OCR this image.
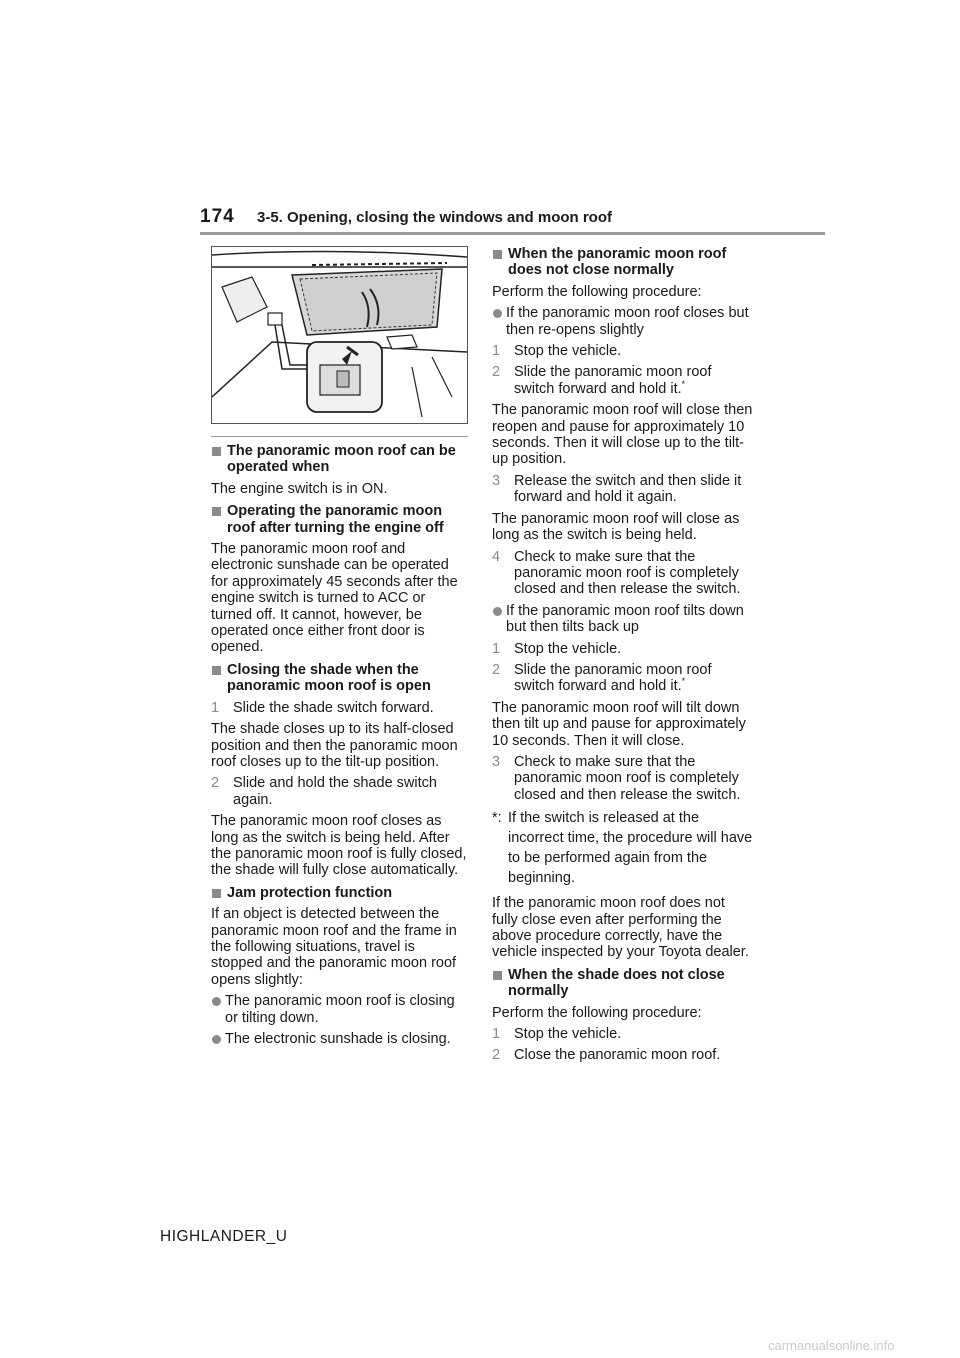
174 3-5. Opening, closing the windows and moon roof
The panoramic moon roof can be operated when

The engine switch is in ON.

Operating the panoramic moon roof after turning the engine off

The panoramic moon roof and electronic sunshade can be operated for approximately 45 seconds after the engine switch is turned to ACC or turned off. It cannot, however, be operated once either front door is opened.

Closing the shade when the panoramic moon roof is open
1 Slide the shade switch forward.

The shade closes up to its half-closed position and then the panoramic moon roof closes up to the tilt-up position.

2 Slide and hold the shade switch again.

The panoramic moon roof closes as long as the switch is being held. After the panoramic moon roof is fully closed, the shade will fully close automatically.

Jam protection function

If an object is detected between the panoramic moon roof and the frame in the following situations, travel is stopped and the panoramic moon roof opens slightly:

The panoramic moon roof is closing or tilting down.
The electronic sunshade is closing.
When the panoramic moon roof does not close normally

Perform the following procedure:

If the panoramic moon roof closes but then re-opens slightly
1 Stop the vehicle.
2 Slide the panoramic moon roof switch forward and hold it.*

The panoramic moon roof will close then reopen and pause for approximately 10 seconds. Then it will close up to the tilt-up position.

3 Release the switch and then slide it forward and hold it again.

The panoramic moon roof will close as long as the switch is being held.

4 Check to make sure that the panoramic moon roof is completely closed and then release the switch.
If the panoramic moon roof tilts down but then tilts back up
1 Stop the vehicle.
2 Slide the panoramic moon roof switch forward and hold it.*

The panoramic moon roof will tilt down then tilt up and pause for approximately 10 seconds. Then it will close.

3 Check to make sure that the panoramic moon roof is completely closed and then release the switch.
*: If the switch is released at the incorrect time, the procedure will have to be performed again from the beginning.

If the panoramic moon roof does not fully close even after performing the above procedure correctly, have the vehicle inspected by your Toyota dealer.

When the shade does not close normally

Perform the following procedure:

1 Stop the vehicle.
2 Close the panoramic moon roof.
HIGHLANDER_U
carmanualsonline.info
